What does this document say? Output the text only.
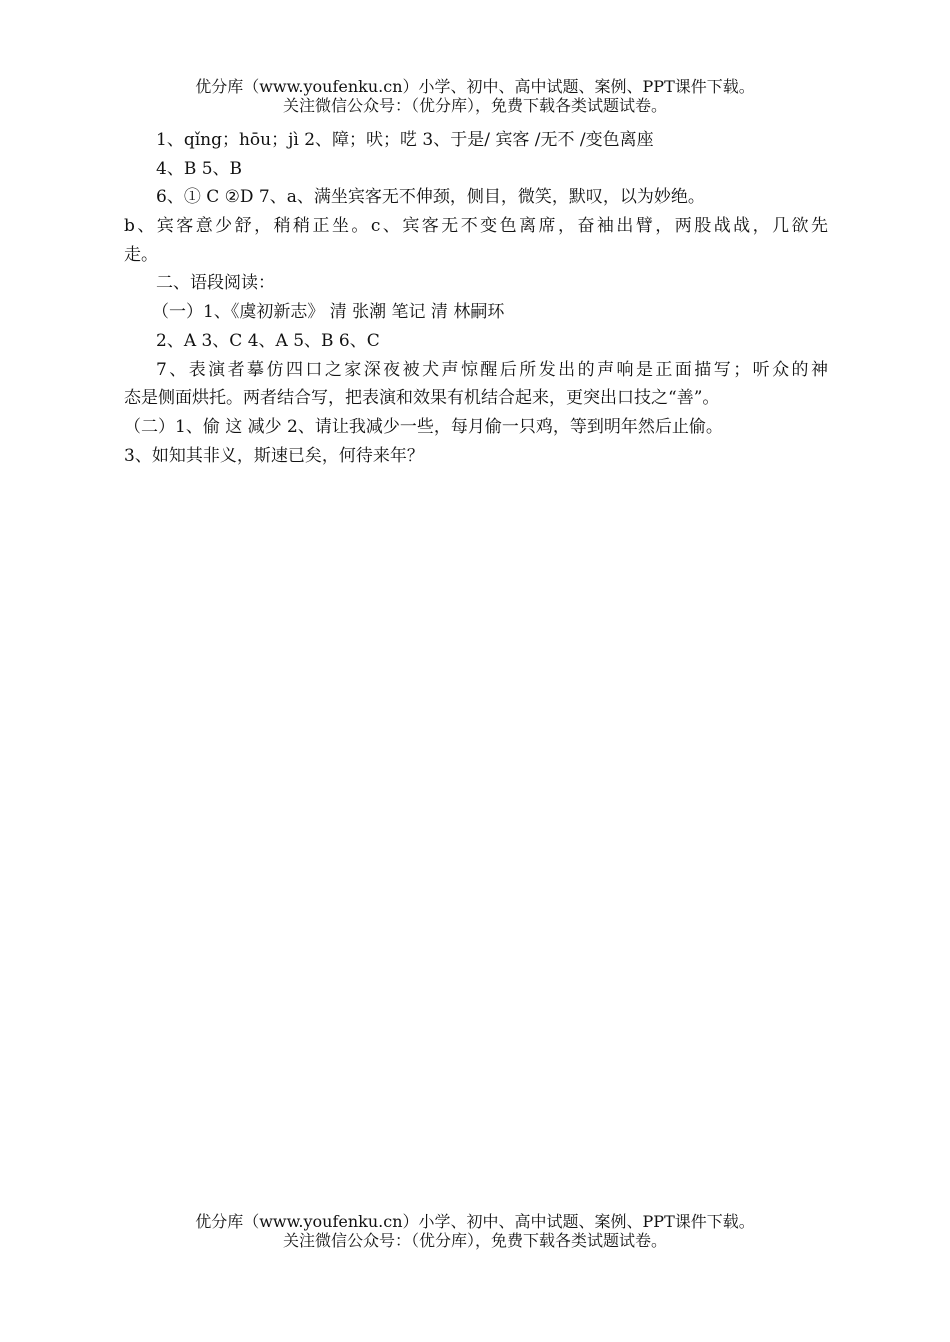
优分库（www.youfenku.cn）小学、初中、高中试题、案例、PPT课件下载。
关注微信公众号：（优分库），免费下载各类试题试卷。
1、qǐng；hōu；jì 2、障；吠；呓 3、于是/ 宾客 /无不 /变色离座
4、B 5、B
6、① C ②D 7、a、满坐宾客无不伸颈，侧目，微笑，默叹，以为妙绝。
b、宾客意少舒，稍稍正坐。c、宾客无不变色离席，奋袖出臂，两股战战，几欲先
走。
二、语段阅读：
（一）1、《虞初新志》 清 张潮 笔记 清 林嗣环
2、A 3、C 4、A 5、B 6、C
7、表演者摹仿四口之家深夜被犬声惊醒后所发出的声响是正面描写；听众的神
态是侧面烘托。两者结合写，把表演和效果有机结合起来，更突出口技之“善”。
（二）1、偷 这 减少 2、请让我减少一些，每月偷一只鸡，等到明年然后止偷。
3、如知其非义，斯速已矣，何待来年？
优分库（www.youfenku.cn）小学、初中、高中试题、案例、PPT课件下载。
关注微信公众号：（优分库），免费下载各类试题试卷。
